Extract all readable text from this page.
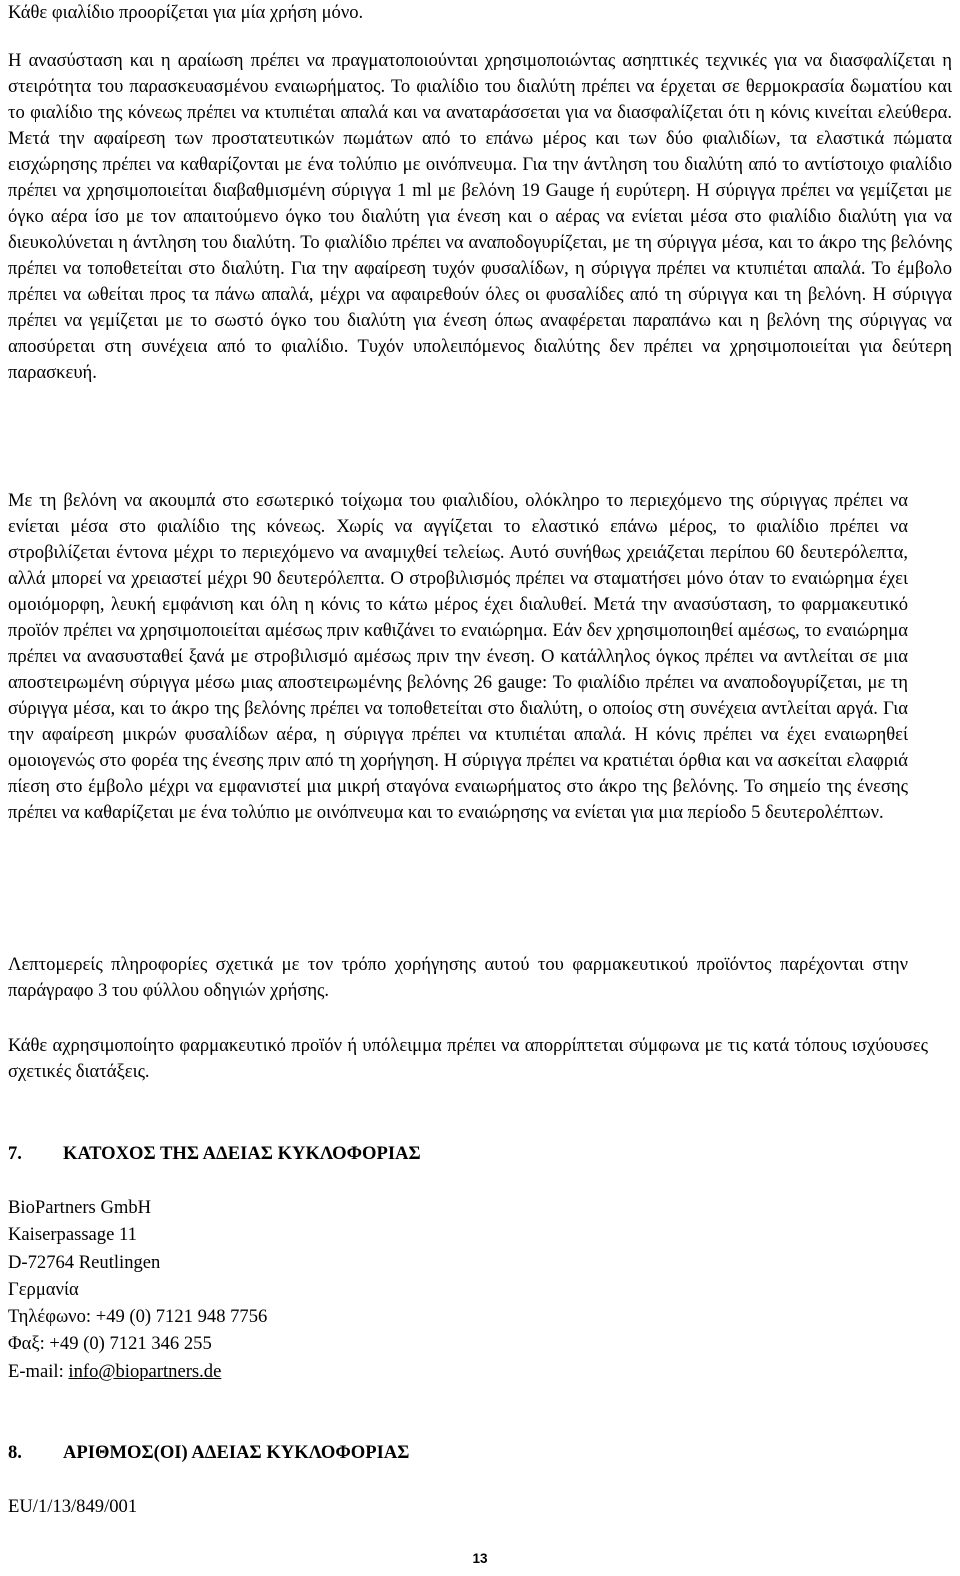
Κάθε φιαλίδιο προορίζεται για μία χρήση μόνο.

Η ανασύσταση και η αραίωση πρέπει να πραγματοποιούνται χρησιμοποιώντας ασηπτικές τεχνικές για να διασφαλίζεται η στειρότητα του παρασκευασμένου εναιωρήματος. Το φιαλίδιο του διαλύτη πρέπει να έρχεται σε θερμοκρασία δωματίου και το φιαλίδιο της κόνεως πρέπει να κτυπιέται απαλά και να αναταράσσεται για να διασφαλίζεται ότι η κόνις κινείται ελεύθερα. Μετά την αφαίρεση των προστατευτικών πωμάτων από το επάνω μέρος και των δύο φιαλιδίων, τα ελαστικά πώματα εισχώρησης πρέπει να καθαρίζονται με ένα τολύπιο με οινόπνευμα. Για την άντληση του διαλύτη από το αντίστοιχο φιαλίδιο πρέπει να χρησιμοποιείται διαβαθμισμένη σύριγγα 1 ml με βελόνη 19 Gauge ή ευρύτερη. Η σύριγγα πρέπει να γεμίζεται με όγκο αέρα ίσο με τον απαιτούμενο όγκο του διαλύτη για ένεση και ο αέρας να ενίεται μέσα στο φιαλίδιο διαλύτη για να διευκολύνεται η άντληση του διαλύτη. Το φιαλίδιο πρέπει να αναποδογυρίζεται, με τη σύριγγα μέσα, και το άκρο της βελόνης πρέπει να τοποθετείται στο διαλύτη. Για την αφαίρεση τυχόν φυσαλίδων, η σύριγγα πρέπει να κτυπιέται απαλά. Το έμβολο πρέπει να ωθείται προς τα πάνω απαλά, μέχρι να αφαιρεθούν όλες οι φυσαλίδες από τη σύριγγα και τη βελόνη. Η σύριγγα πρέπει να γεμίζεται με το σωστό όγκο του διαλύτη για ένεση όπως αναφέρεται παραπάνω και η βελόνη της σύριγγας να αποσύρεται στη συνέχεια από το φιαλίδιο. Τυχόν υπολειπόμενος διαλύτης δεν πρέπει να χρησιμοποιείται για δεύτερη παρασκευή.

Με τη βελόνη να ακουμπά στο εσωτερικό τοίχωμα του φιαλιδίου, ολόκληρο το περιεχόμενο της σύριγγας πρέπει να ενίεται μέσα στο φιαλίδιο της κόνεως. Χωρίς να αγγίζεται το ελαστικό επάνω μέρος, το φιαλίδιο πρέπει να στροβιλίζεται έντονα μέχρι το περιεχόμενο να αναμιχθεί τελείως. Αυτό συνήθως χρειάζεται περίπου 60 δευτερόλεπτα, αλλά μπορεί να χρειαστεί μέχρι 90 δευτερόλεπτα. Ο στροβιλισμός πρέπει να σταματήσει μόνο όταν το εναιώρημα έχει ομοιόμορφη, λευκή εμφάνιση και όλη η κόνις το κάτω μέρος έχει διαλυθεί. Μετά την ανασύσταση, το φαρμακευτικό προϊόν πρέπει να χρησιμοποιείται αμέσως πριν καθιζάνει το εναιώρημα. Εάν δεν χρησιμοποιηθεί αμέσως, το εναιώρημα πρέπει να ανασυσταθεί ξανά με στροβιλισμό αμέσως πριν την ένεση. Ο κατάλληλος όγκος πρέπει να αντλείται σε μια αποστειρωμένη σύριγγα μέσω μιας αποστειρωμένης βελόνης 26 gauge: Το φιαλίδιο πρέπει να αναποδογυρίζεται, με τη σύριγγα μέσα, και το άκρο της βελόνης πρέπει να τοποθετείται στο διαλύτη, ο οποίος στη συνέχεια αντλείται αργά. Για την αφαίρεση μικρών φυσαλίδων αέρα, η σύριγγα πρέπει να κτυπιέται απαλά. Η κόνις πρέπει να έχει εναιωρηθεί ομοιογενώς στο φορέα της ένεσης πριν από τη χορήγηση. Η σύριγγα πρέπει να κρατιέται όρθια και να ασκείται ελαφριά πίεση στο έμβολο μέχρι να εμφανιστεί μια μικρή σταγόνα εναιωρήματος στο άκρο της βελόνης. Το σημείο της ένεσης πρέπει να καθαρίζεται με ένα τολύπιο με οινόπνευμα και το εναιώρησης να ενίεται για μια περίοδο 5 δευτερολέπτων.

Λεπτομερείς πληροφορίες σχετικά με τον τρόπο χορήγησης αυτού του φαρμακευτικού προϊόντος παρέχονται στην παράγραφο 3 του φύλλου οδηγιών χρήσης.

Κάθε αχρησιμοποίητο φαρμακευτικό προϊόν ή υπόλειμμα πρέπει να απορρίπτεται σύμφωνα με τις κατά τόπους ισχύουσες σχετικές διατάξεις.

7. ΚΑΤΟΧΟΣ ΤΗΣ ΑΔΕΙΑΣ ΚΥΚΛΟΦΟΡΙΑΣ
BioPartners GmbH
Kaiserpassage 11
D-72764 Reutlingen
Γερμανία
Τηλέφωνο: +49 (0) 7121 948 7756
Φαξ: +49 (0) 7121 346 255
E-mail: info@biopartners.de
8. ΑΡΙΘΜΟΣ(ΟΙ) ΑΔΕΙΑΣ ΚΥΚΛΟΦΟΡΙΑΣ

EU/1/13/849/001

13
